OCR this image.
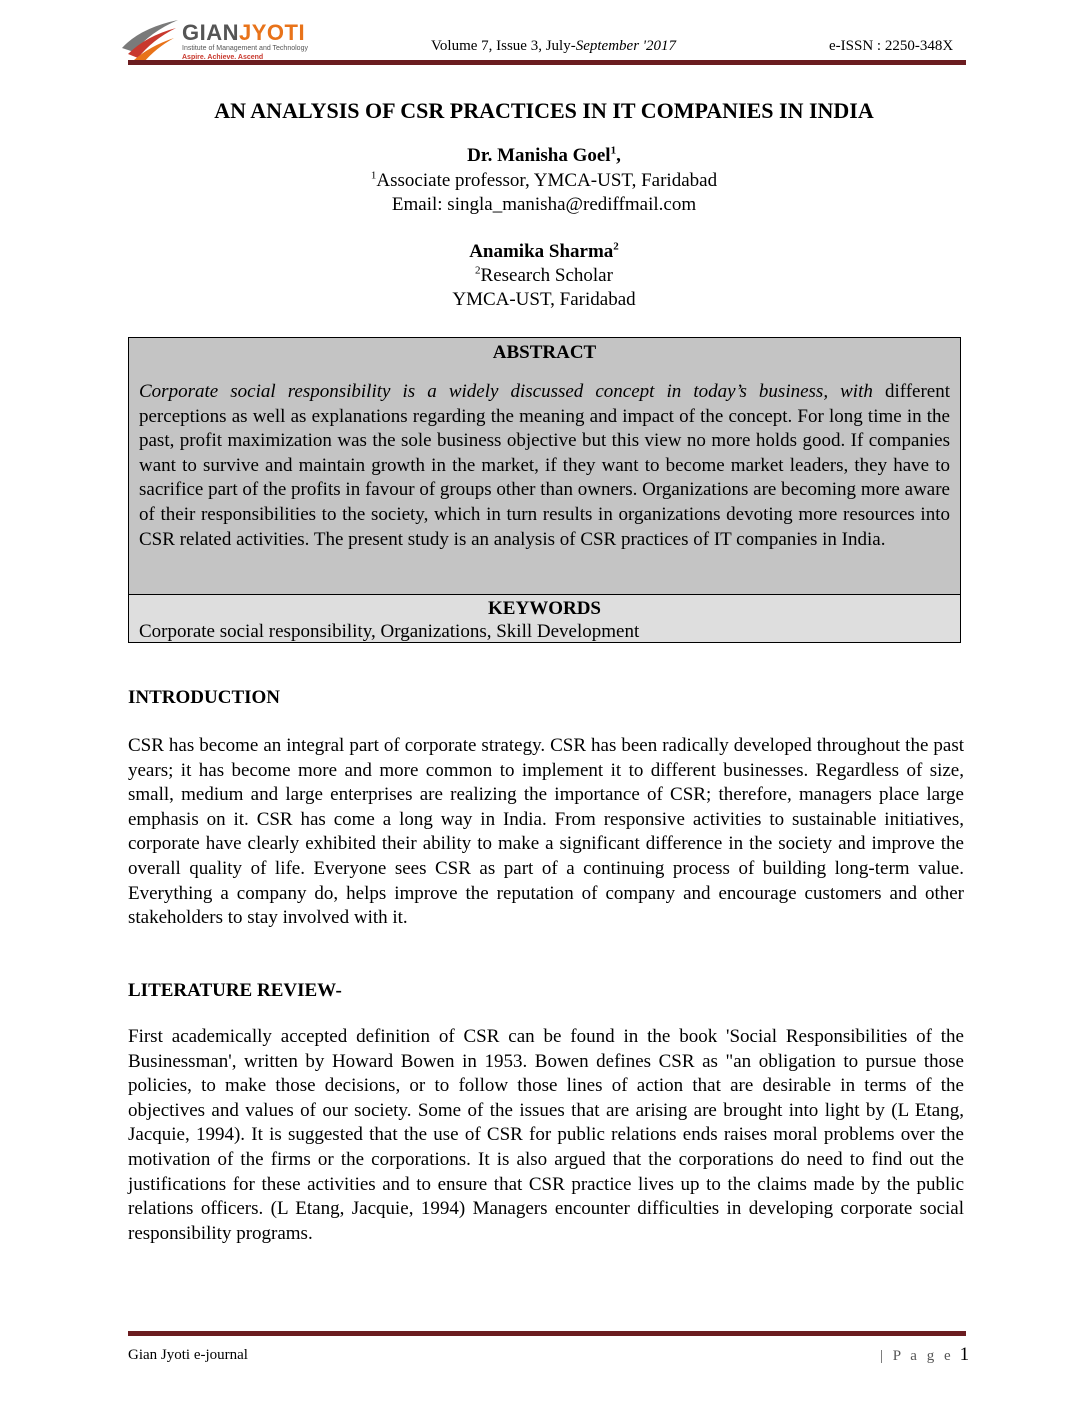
GIANJYOTI
Institute of Management and Technology
Aspire. Achieve. Ascend
Volume 7, Issue 3, July-September '2017	e-ISSN : 2250-348X
AN ANALYSIS OF CSR PRACTICES IN IT COMPANIES IN INDIA
Dr. Manisha Goel$^1$,
$^1$Associate professor, YMCA-UST, Faridabad
Email: singla_manisha@rediffmail.com
Anamika Sharma$^2$
$^2$Research Scholar
YMCA-UST, Faridabad
ABSTRACT
Corporate social responsibility is a widely discussed concept in today’s business, with different perceptions as well as explanations regarding the meaning and impact of the concept. For long time in the past, profit maximization was the sole business objective but this view no more holds good. If companies want to survive and maintain growth in the market, if they want to become market leaders, they have to sacrifice part of the profits in favour of groups other than owners. Organizations are becoming more aware of their responsibilities to the society, which in turn results in organizations devoting more resources into CSR related activities. The present study is an analysis of CSR practices of IT companies in India.
KEYWORDS
Corporate social responsibility, Organizations, Skill Development
INTRODUCTION
CSR has become an integral part of corporate strategy. CSR has been radically developed throughout the past years; it has become more and more common to implement it to different businesses. Regardless of size, small, medium and large enterprises are realizing the importance of CSR; therefore, managers place large emphasis on it. CSR has come a long way in India. From responsive activities to sustainable initiatives, corporate have clearly exhibited their ability to make a significant difference in the society and improve the overall quality of life. Everyone sees CSR as part of a continuing process of building long-term value. Everything a company do, helps improve the reputation of company and encourage customers and other stakeholders to stay involved with it.
LITERATURE REVIEW-
First academically accepted definition of CSR can be found in the book 'Social Responsibilities of the Businessman', written by Howard Bowen in 1953. Bowen defines CSR as "an obligation to pursue those policies, to make those decisions, or to follow those lines of action that are desirable in terms of the objectives and values of our society. Some of the issues that are arising are brought into light by (L Etang, Jacquie, 1994). It is suggested that the use of CSR for public relations ends raises moral problems over the motivation of the firms or the corporations. It is also argued that the corporations do need to find out the justifications for these activities and to ensure that CSR practice lives up to the claims made by the public relations officers. (L Etang, Jacquie, 1994) Managers encounter difficulties in developing corporate social responsibility programs.
Gian Jyoti e-journal	| P a g e 1
